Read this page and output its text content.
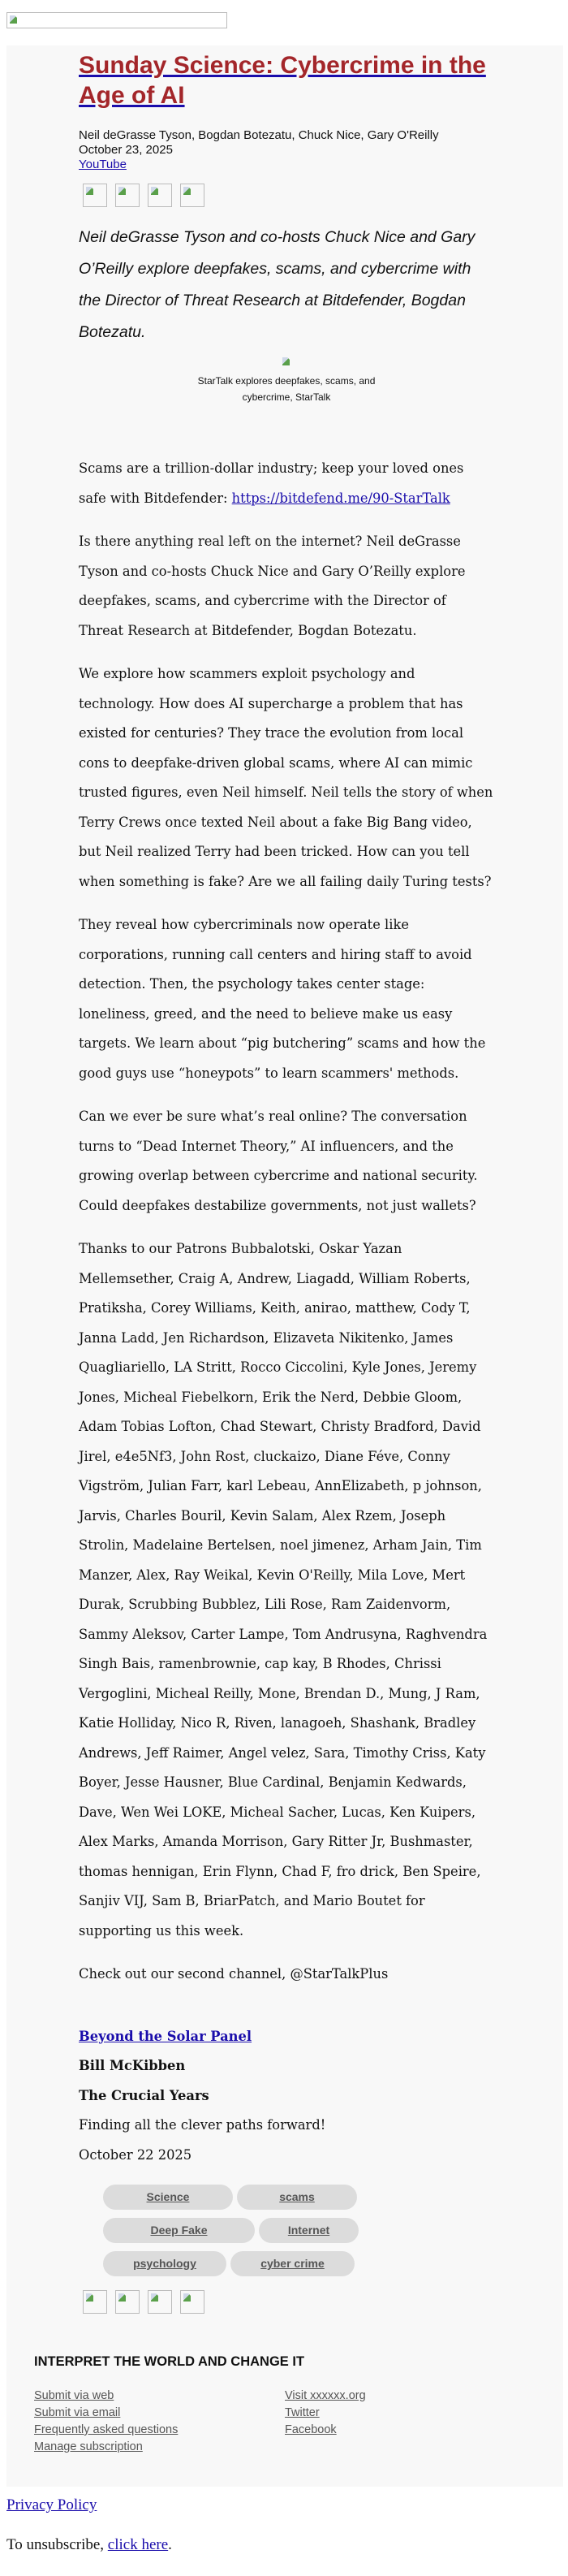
Sunday Science: Cybercrime in the Age of AI
Neil deGrasse Tyson, Bogdan Botezatu, Chuck Nice, Gary O'Reilly
October 23, 2025
YouTube

Neil deGrasse Tyson and co-hosts Chuck Nice and Gary O’Reilly explore deepfakes, scams, and cybercrime with the Director of Threat Research at Bitdefender, Bogdan Botezatu.

StarTalk explores deepfakes, scams, and cybercrime, StarTalk

Scams are a trillion-dollar industry; keep your loved ones safe with Bitdefender: https://bitdefend.me/90-StarTalk

Is there anything real left on the internet? Neil deGrasse Tyson and co-hosts Chuck Nice and Gary O’Reilly explore deepfakes, scams, and cybercrime with the Director of Threat Research at Bitdefender, Bogdan Botezatu.

We explore how scammers exploit psychology and technology. How does AI supercharge a problem that has existed for centuries? They trace the evolution from local cons to deepfake-driven global scams, where AI can mimic trusted figures, even Neil himself. Neil tells the story of when Terry Crews once texted Neil about a fake Big Bang video, but Neil realized Terry had been tricked. How can you tell when something is fake? Are we all failing daily Turing tests?

They reveal how cybercriminals now operate like corporations, running call centers and hiring staff to avoid detection. Then, the psychology takes center stage: loneliness, greed, and the need to believe make us easy targets. We learn about “pig butchering” scams and how the good guys use “honeypots” to learn scammers' methods.

Can we ever be sure what’s real online? The conversation turns to “Dead Internet Theory,” AI influencers, and the growing overlap between cybercrime and national security. Could deepfakes destabilize governments, not just wallets?

Thanks to our Patrons Bubbalotski, Oskar Yazan Mellemsether, Craig A, Andrew, Liagadd, William Roberts, Pratiksha, Corey Williams, Keith, anirao, matthew, Cody T, Janna Ladd, Jen Richardson, Elizaveta Nikitenko, James Quagliariello, LA Stritt, Rocco Ciccolini, Kyle Jones, Jeremy Jones, Micheal Fiebelkorn, Erik the Nerd, Debbie Gloom, Adam Tobias Lofton, Chad Stewart, Christy Bradford, David Jirel, e4e5Nf3, John Rost, cluckaizo, Diane Féve, Conny Vigström, Julian Farr, karl Lebeau, AnnElizabeth, p johnson, Jarvis, Charles Bouril, Kevin Salam, Alex Rzem, Joseph Strolin, Madelaine Bertelsen, noel jimenez, Arham Jain, Tim Manzer, Alex, Ray Weikal, Kevin O'Reilly, Mila Love, Mert Durak, Scrubbing Bubblez, Lili Rose, Ram Zaidenvorm, Sammy Aleksov, Carter Lampe, Tom Andrusyna, Raghvendra Singh Bais, ramenbrownie, cap kay, B Rhodes, Chrissi Vergoglini, Micheal Reilly, Mone, Brendan D., Mung, J Ram, Katie Holliday, Nico R, Riven, lanagoeh, Shashank, Bradley Andrews, Jeff Raimer, Angel velez, Sara, Timothy Criss, Katy Boyer, Jesse Hausner, Blue Cardinal, Benjamin Kedwards, Dave, Wen Wei LOKE, Micheal Sacher, Lucas, Ken Kuipers, Alex Marks, Amanda Morrison, Gary Ritter Jr, Bushmaster, thomas hennigan, Erin Flynn, Chad F, fro drick, Ben Speire, Sanjiv VIJ, Sam B, BriarPatch, and Mario Boutet for supporting us this week.

Check out our second channel, @StarTalkPlus

Beyond the Solar Panel
Bill McKibben
The Crucial Years
Finding all the clever paths forward!
October 22 2025
Science	scams
Deep Fake	Internet
psychology	cyber crime
INTERPRET THE WORLD AND CHANGE IT
Submit via web
Submit via email
Frequently asked questions
Manage subscription
Visit xxxxxx.org
Twitter
Facebook

Privacy Policy

To unsubscribe, click here.
